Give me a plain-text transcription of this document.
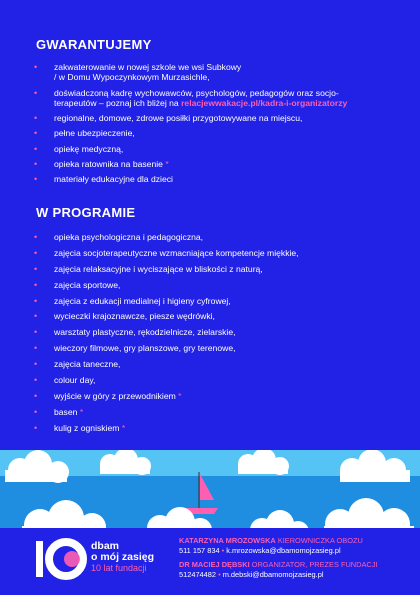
GWARANTUJEMY
• zakwaterowanie w nowej szkole we wsi Subkowy
/ w Domu Wypoczynkowym Murzasichle,
• doświadczoną kadrę wychowawców, psychologów, pedagogów oraz socjo-
terapeutów – poznaj ich bliżej na relacjewwakacje.pl/kadra-i-organizatorzy
• regionalne, domowe, zdrowe posiłki przygotowywane na miejscu,
• pełne ubezpieczenie,
• opiekę medyczną,
• opieka ratownika na basenie *
• materiały edukacyjne dla dzieci
W PROGRAMIE
• opieka psychologiczna i pedagogiczna,
• zajęcia socjoterapeutyczne wzmacniające kompetencje miękkie,
• zajęcia relaksacyjne i wyciszające w bliskości z naturą,
• zajęcia sportowe,
• zajęcia z edukacji medialnej i higieny cyfrowej,
• wycieczki krajoznawcze, piesze wędrówki,
• warsztaty plastyczne, rękodzielnicze, zielarskie,
• wieczory filmowe, gry planszowe, gry terenowe,
• zajęcia taneczne,
• colour day,
• wyjście w góry z przewodnikiem *
• basen *
• kulig z ogniskiem *
dbam
o mój zasięg
10 lat fundacji
KATARZYNA MROZOWSKA KIEROWNICZKA OBOZU
511 157 834 • k.mrozowska@dbamomojzasieg.pl
DR MACIEJ DĘBSKI ORGANIZATOR, PREZES FUNDACJI
512474482 • m.debski@dbamomojzasieg.pl
